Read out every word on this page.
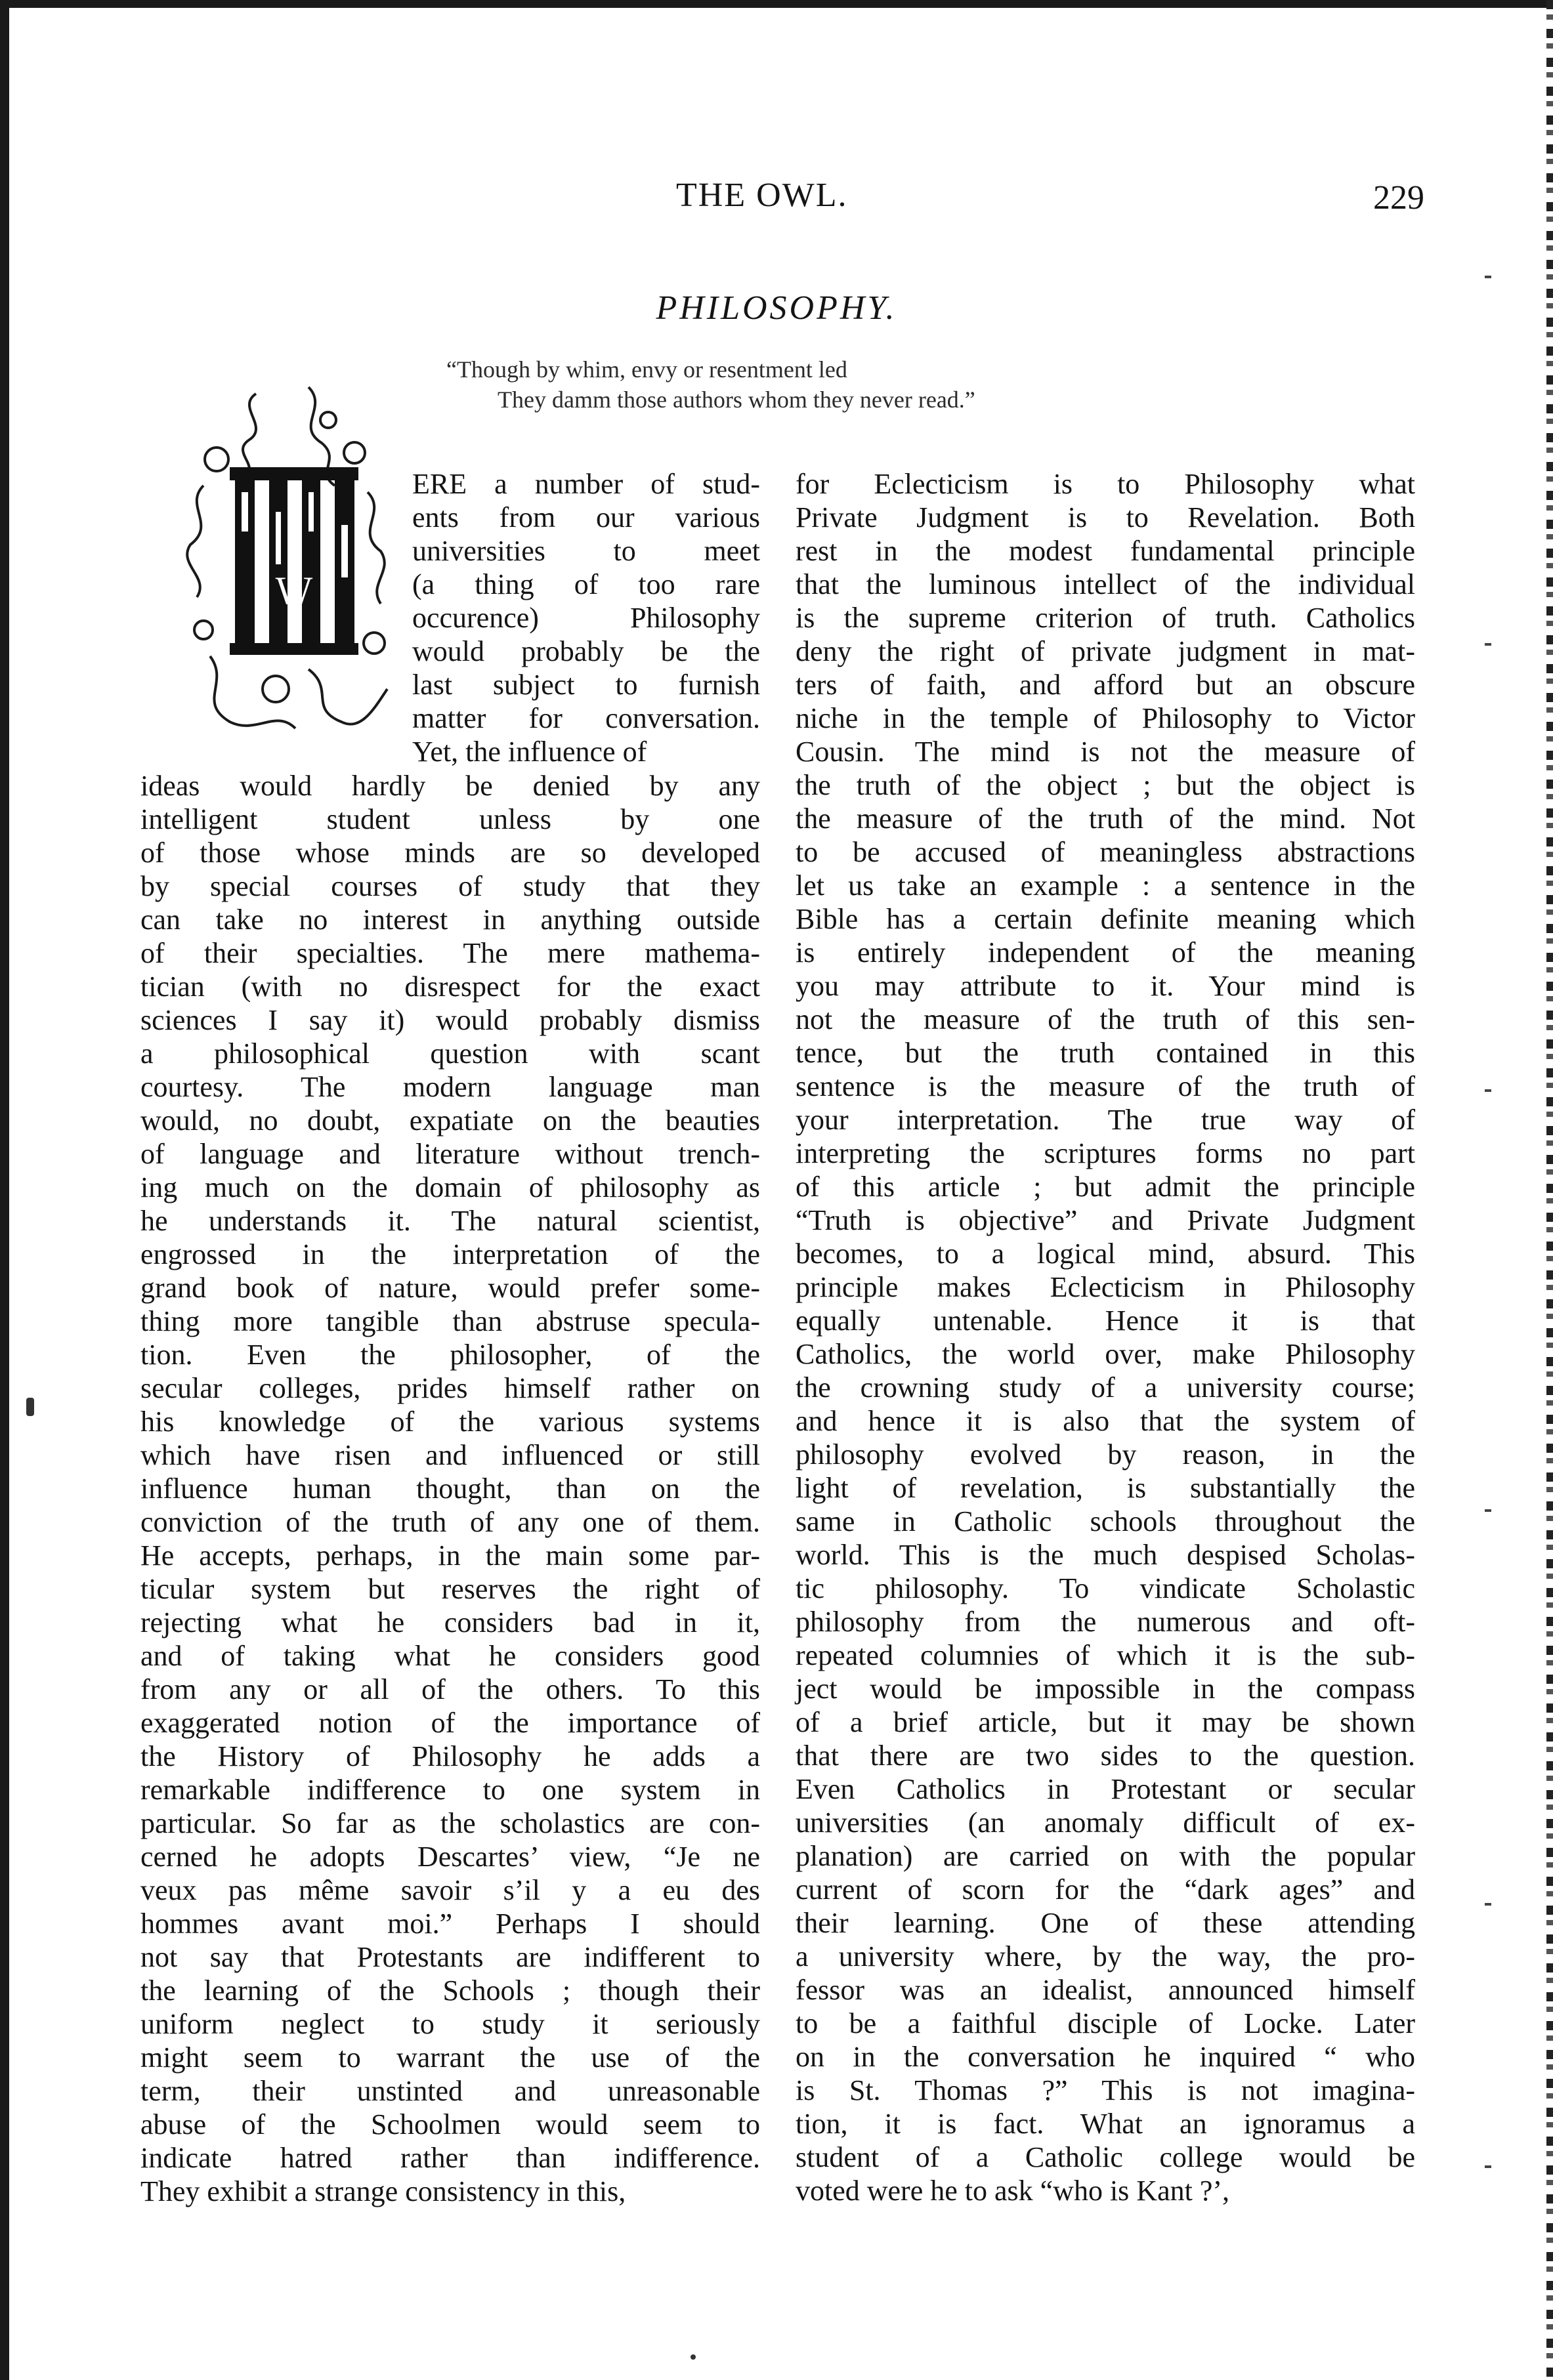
THE OWL.	229
PHILOSOPHY.
“Though by whim, envy or resentment led
They damm those authors whom they never read.”
W
ERE a number of stud-
ents from our various
universities to meet
(a thing of too rare
occurence) Philosophy
would probably be the
last subject to furnish
matter for conversation.
Yet, the influence of
ideas would hardly be denied by any
intelligent student unless by one
of those whose minds are so developed
by special courses of study that they
can take no interest in anything outside
of their specialties. The mere mathema-
tician (with no disrespect for the exact
sciences I say it) would probably dismiss
a philosophical question with scant
courtesy. The modern language man
would, no doubt, expatiate on the beauties
of language and literature without trench-
ing much on the domain of philosophy as
he understands it. The natural scientist,
engrossed in the interpretation of the
grand book of nature, would prefer some-
thing more tangible than abstruse specula-
tion. Even the philosopher, of the
secular colleges, prides himself rather on
his knowledge of the various systems
which have risen and influenced or still
influence human thought, than on the
conviction of the truth of any one of them.
He accepts, perhaps, in the main some par-
ticular system but reserves the right of
rejecting what he considers bad in it,
and of taking what he considers good
from any or all of the others. To this
exaggerated notion of the importance of
the History of Philosophy he adds a
remarkable indifference to one system in
particular. So far as the scholastics are con-
cerned he adopts Descartes’ view, “Je ne
veux pas même savoir s’il y a eu des
hommes avant moi.” Perhaps I should
not say that Protestants are indifferent to
the learning of the Schools ; though their
uniform neglect to study it seriously
might seem to warrant the use of the
term, their unstinted and unreasonable
abuse of the Schoolmen would seem to
indicate hatred rather than indifference.
They exhibit a strange consistency in this,
for Eclecticism is to Philosophy what
Private Judgment is to Revelation. Both
rest in the modest fundamental principle
that the luminous intellect of the individual
is the supreme criterion of truth. Catholics
deny the right of private judgment in mat-
ters of faith, and afford but an obscure
niche in the temple of Philosophy to Victor
Cousin. The mind is not the measure of
the truth of the object ; but the object is
the measure of the truth of the mind. Not
to be accused of meaningless abstractions
let us take an example : a sentence in the
Bible has a certain definite meaning which
is entirely independent of the meaning
you may attribute to it. Your mind is
not the measure of the truth of this sen-
tence, but the truth contained in this
sentence is the measure of the truth of
your interpretation. The true way of
interpreting the scriptures forms no part
of this article ; but admit the principle
“Truth is objective” and Private Judgment
becomes, to a logical mind, absurd. This
principle makes Eclecticism in Philosophy
equally untenable. Hence it is that
Catholics, the world over, make Philosophy
the crowning study of a university course;
and hence it is also that the system of
philosophy evolved by reason, in the
light of revelation, is substantially the
same in Catholic schools throughout the
world. This is the much despised Scholas-
tic philosophy. To vindicate Scholastic
philosophy from the numerous and oft-
repeated columnies of which it is the sub-
ject would be impossible in the compass
of a brief article, but it may be shown
that there are two sides to the question.
Even Catholics in Protestant or secular
universities (an anomaly difficult of ex-
planation) are carried on with the popular
current of scorn for the “dark ages” and
their learning. One of these attending
a university where, by the way, the pro-
fessor was an idealist, announced himself
to be a faithful disciple of Locke. Later
on in the conversation he inquired “ who
is St. Thomas ?” This is not imagina-
tion, it is fact. What an ignoramus a
student of a Catholic college would be
voted were he to ask “who is Kant ?’,
